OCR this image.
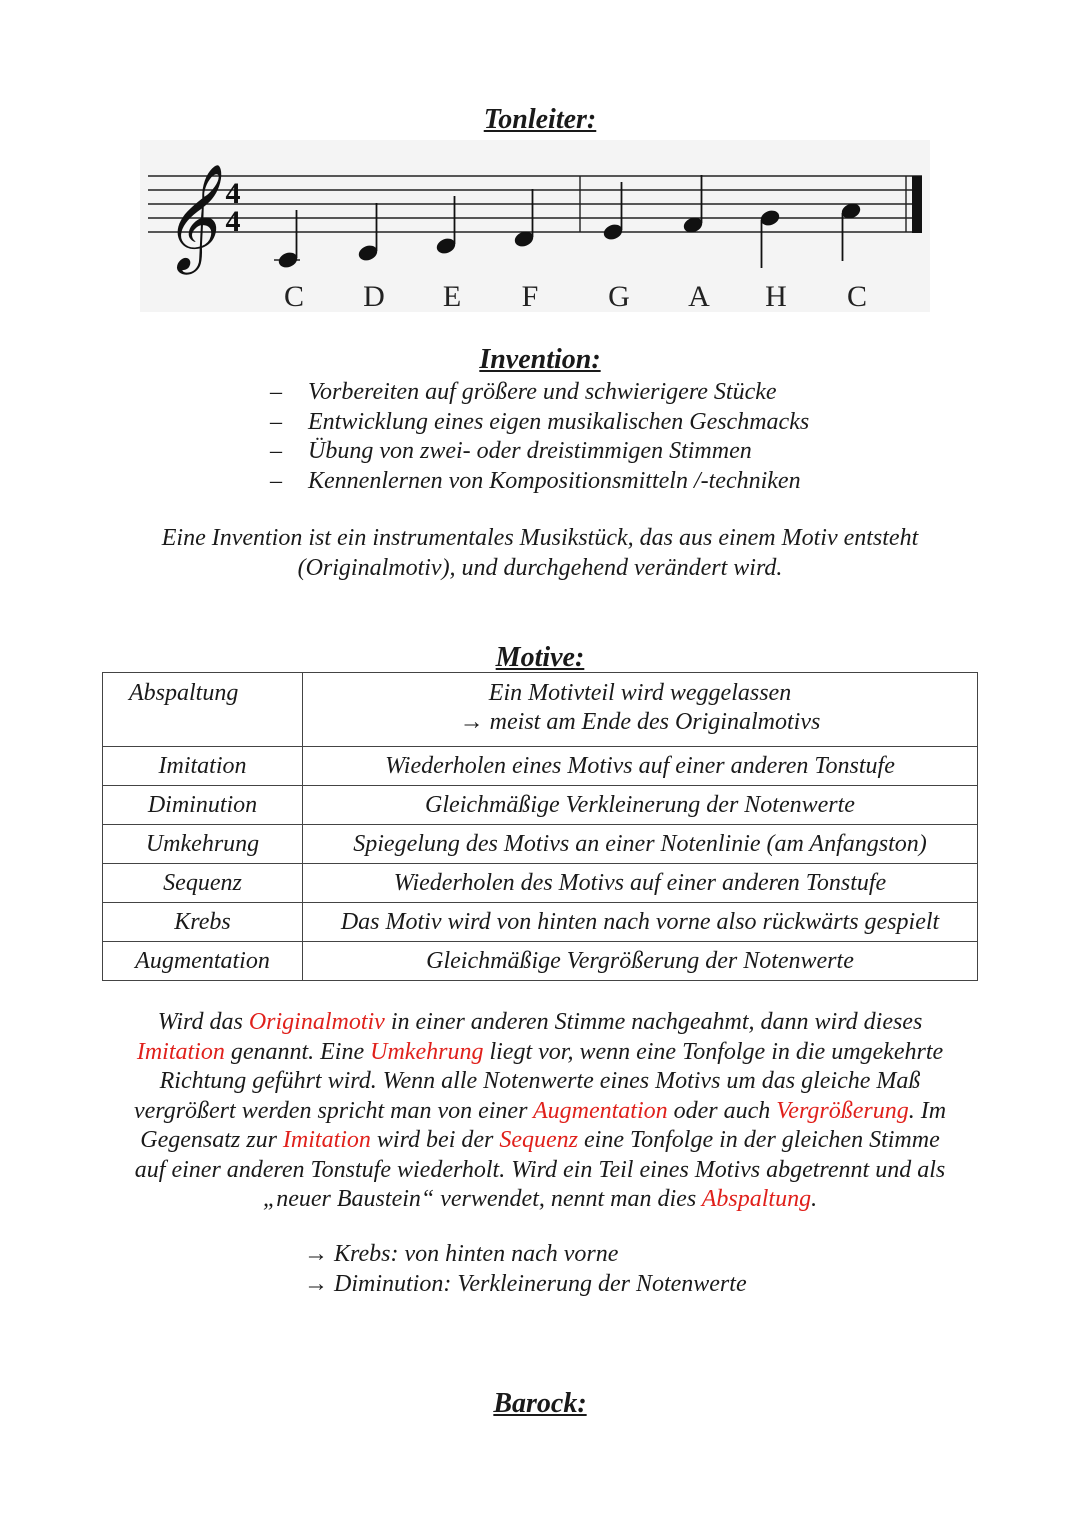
Tonleiter:
𝄞 4
4
C D E F G A H C
Invention:
– Vorbereiten auf größere und schwierigere Stücke
– Entwicklung eines eigen musikalischen Geschmacks
– Übung von zwei- oder dreistimmigen Stimmen
– Kennenlernen von Kompositionsmitteln /-techniken
Eine Invention ist ein instrumentales Musikstück, das aus einem Motiv entsteht
(Originalmotiv), und durchgehend verändert wird.
Motive:
Abspaltung	Ein Motivteil wird weggelassen
→ meist am Ende des Originalmotivs

Imitation	Wiederholen eines Motivs auf einer anderen Tonstufe
Diminution	Gleichmäßige Verkleinerung der Notenwerte
Umkehrung	Spiegelung des Motivs an einer Notenlinie (am Anfangston)
Sequenz	Wiederholen des Motivs auf einer anderen Tonstufe
Krebs	Das Motiv wird von hinten nach vorne also rückwärts gespielt
Augmentation	Gleichmäßige Vergrößerung der Notenwerte
Wird das Originalmotiv in einer anderen Stimme nachgeahmt, dann wird dieses
Imitation genannt. Eine Umkehrung liegt vor, wenn eine Tonfolge in die umgekehrte
Richtung geführt wird. Wenn alle Notenwerte eines Motivs um das gleiche Maß
vergrößert werden spricht man von einer Augmentation oder auch Vergrößerung. Im
Gegensatz zur Imitation wird bei der Sequenz eine Tonfolge in der gleichen Stimme
auf einer anderen Tonstufe wiederholt. Wird ein Teil eines Motivs abgetrennt und als
„neuer Baustein“ verwendet, nennt man dies Abspaltung.
→ Krebs: von hinten nach vorne
→ Diminution: Verkleinerung der Notenwerte
Barock:
